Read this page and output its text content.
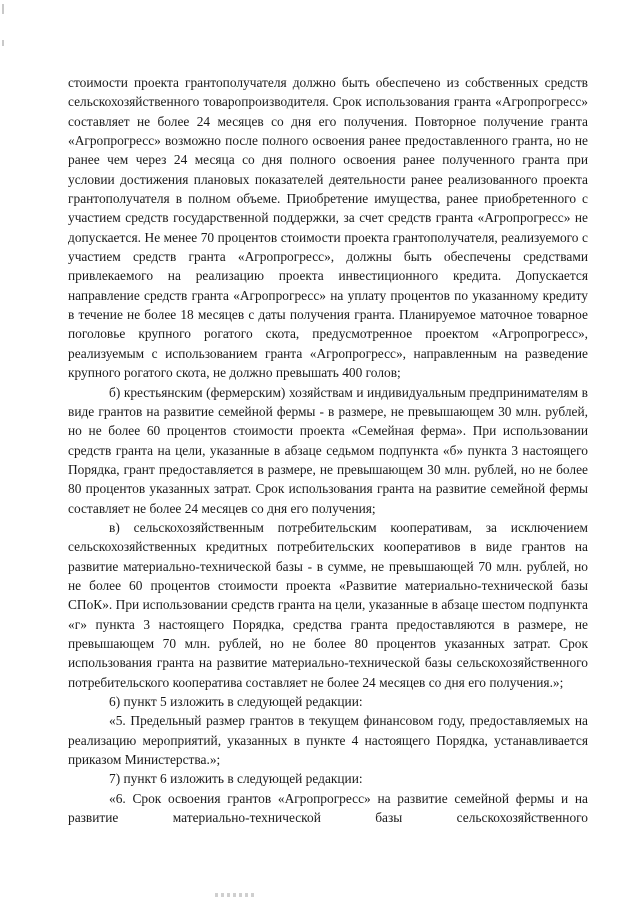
стоимости проекта грантополучателя должно быть обеспечено из собственных средств сельскохозяйственного товаропроизводителя. Срок использования гранта «Агропрогресс» составляет не более 24 месяцев со дня его получения. Повторное получение гранта «Агропрогресс» возможно после полного освоения ранее предоставленного гранта, но не ранее чем через 24 месяца со дня полного освоения ранее полученного гранта при условии достижения плановых показателей деятельности ранее реализованного проекта грантополучателя в полном объеме. Приобретение имущества, ранее приобретенного с участием средств государственной поддержки, за счет средств гранта «Агропрогресс» не допускается. Не менее 70 процентов стоимости проекта грантополучателя, реализуемого с участием средств гранта «Агропрогресс», должны быть обеспечены средствами привлекаемого на реализацию проекта инвестиционного кредита. Допускается направление средств гранта «Агропрогресс» на уплату процентов по указанному кредиту в течение не более 18 месяцев с даты получения гранта. Планируемое маточное товарное поголовье крупного рогатого скота, предусмотренное проектом «Агропрогресс», реализуемым с использованием гранта «Агропрогресс», направленным на разведение крупного рогатого скота, не должно превышать 400 голов;

б) крестьянским (фермерским) хозяйствам и индивидуальным предпринимателям в виде грантов на развитие семейной фермы - в размере, не превышающем 30 млн. рублей, но не более 60 процентов стоимости проекта «Семейная ферма». При использовании средств гранта на цели, указанные в абзаце седьмом подпункта «б» пункта 3 настоящего Порядка, грант предоставляется в размере, не превышающем 30 млн. рублей, но не более 80 процентов указанных затрат. Срок использования гранта на развитие семейной фермы составляет не более 24 месяцев со дня его получения;

в) сельскохозяйственным потребительским кооперативам, за исключением сельскохозяйственных кредитных потребительских кооперативов в виде грантов на развитие материально-технической базы - в сумме, не превышающей 70 млн. рублей, но не более 60 процентов стоимости проекта «Развитие материально-технической базы СПоК». При использовании средств гранта на цели, указанные в абзаце шестом подпункта «г» пункта 3 настоящего Порядка, средства гранта предоставляются в размере, не превышающем 70 млн. рублей, но не более 80 процентов указанных затрат. Срок использования гранта на развитие материально-технической базы сельскохозяйственного потребительского кооператива составляет не более 24 месяцев со дня его получения.»;

6) пункт 5 изложить в следующей редакции:

«5. Предельный размер грантов в текущем финансовом году, предоставляемых на реализацию мероприятий, указанных в пункте 4 настоящего Порядка, устанавливается приказом Министерства.»;

7) пункт 6 изложить в следующей редакции:

«6. Срок освоения грантов «Агропрогресс» на развитие семейной фермы и на развитие материально-технической базы сельскохозяйственного
